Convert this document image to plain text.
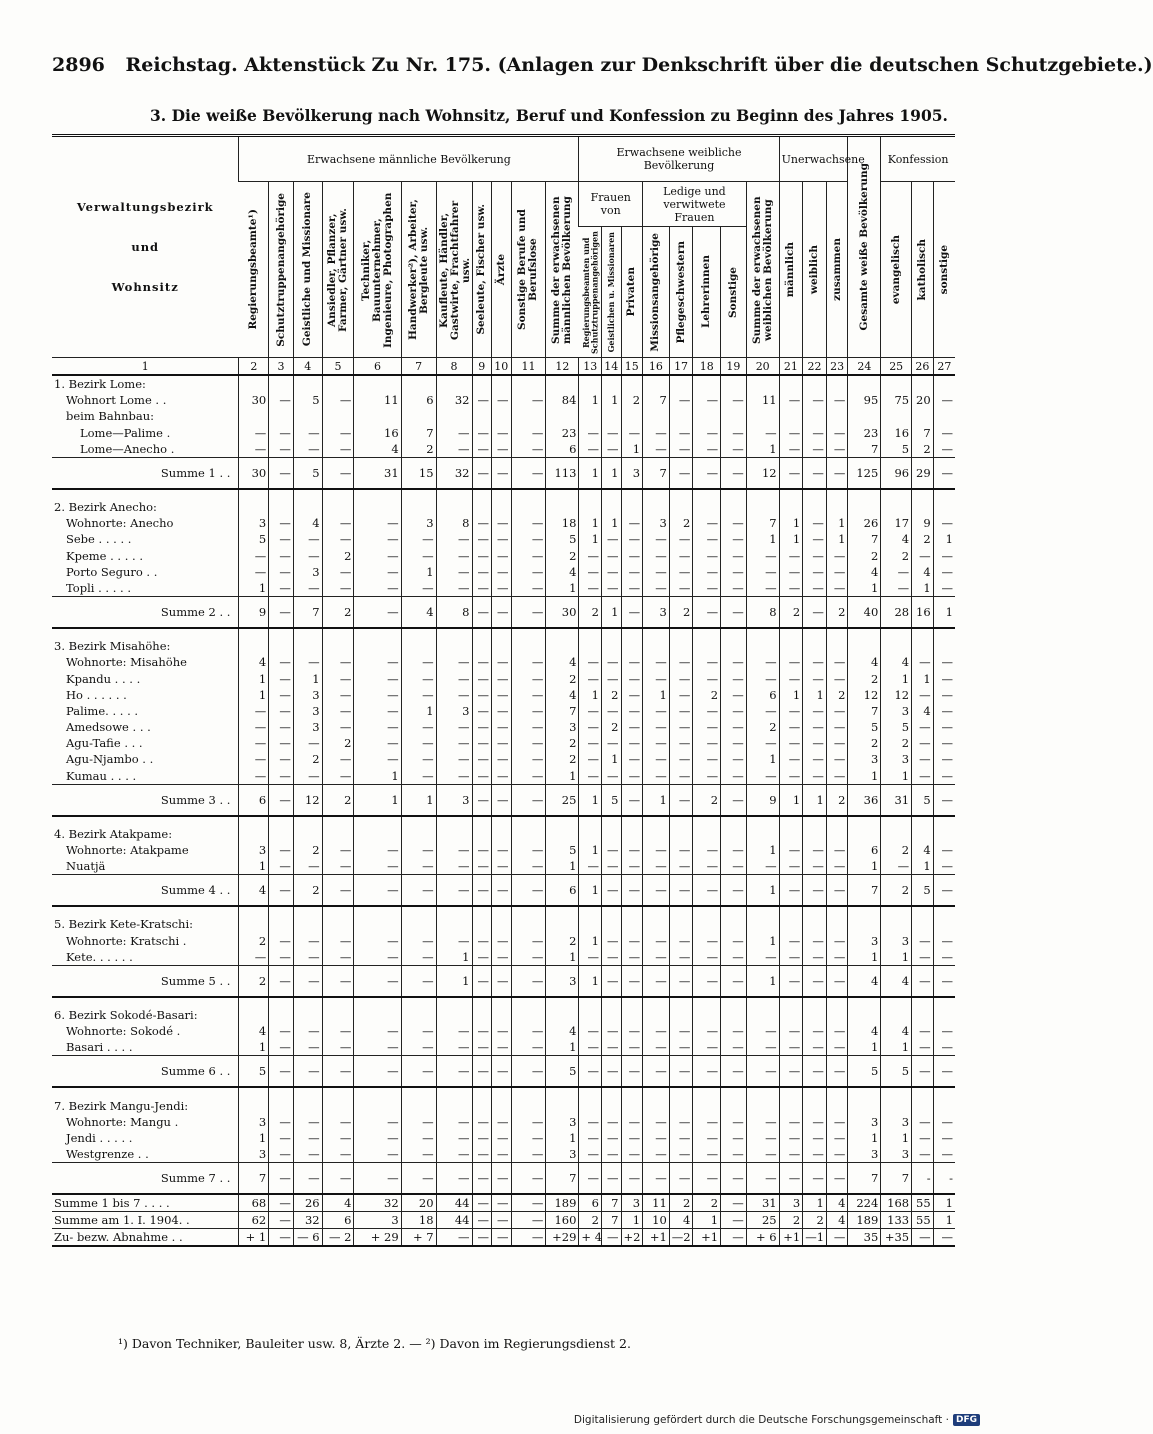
2896 Reichstag. Aktenstück Zu Nr. 175. (Anlagen zur Denkschrift über die deutschen Schutzgebiete.)
3. Die weiße Bevölkerung nach Wohnsitz, Beruf und Konfession zu Beginn des Jahres 1905.
Verwaltungsbezirk
und
Wohnsitz	Erwachsene männliche Bevölkerung											Erwachsene weibliche Bevölkerung								Unerwachsene			Gesamte weiße Bevölkerung	Konfession		

	Regierungsbeamte¹)	Schutztruppenangehörige	Geistliche und Missionare	Ansiedler, Pflanzer, Farmer, Gärtner usw.	Techniker, Bauunternehmer, Ingenieure, Photographen	Handwerker²), Arbeiter, Bergleute usw.	Kaufleute, Händler, Gastwirte, Frachtfahrer usw.	Seeleute, Fischer usw.	Ärzte	Sonstige Berufe und Berufslose	Summe der erwachsenen männlichen Bevölkerung	Frauen von			Ledige und verwitwete Frauen				Summe der erwachsenen weiblichen Bevölkerung	männlich	weiblich	zusammen		evangelisch	katholisch	sonstige

												Regierungsbeamten und Schutztruppenangehörigen	Geistlichen u. Missionaren	Privaten	Missionsangehörige	Pflegeschwestern	Lehrerinnen	Sonstige								

1	2	3	4	5	6	7	8	9	10	11	12	13	14	15	16	17	18	19	20	21	22	23	24	25	26	27
1. Bezirk Lome:																										
Wohnort Lome . .	30	—	5	—	11	6	32	—	—	—	84	1	1	2	7	—	—	—	11	—	—	—	95	75	20	—
beim Bahnbau:																										
Lome—Palime .	—	—	—	—	16	7	—	—	—	—	23	—	—	—	—	—	—	—	—	—	—	—	23	16	7	—
Lome—Anecho .	—	—	—	—	4	2	—	—	—	—	6	—	—	1	—	—	—	—	1	—	—	—	7	5	2	—
Summe 1 . .	30	—	5	—	31	15	32	—	—	—	113	1	1	3	7	—	—	—	12	—	—	—	125	96	29	—

2. Bezirk Anecho:																										
Wohnorte: Anecho	3	—	4	—	—	3	8	—	—	—	18	1	1	—	3	2	—	—	7	1	—	1	26	17	9	—
Sebe . . . . .	5	—	—	—	—	—	—	—	—	—	5	1	—	—	—	—	—	—	1	1	—	1	7	4	2	1
Kpeme . . . . .	—	—	—	2	—	—	—	—	—	—	2	—	—	—	—	—	—	—	—	—	—	—	2	2	—	—
Porto Seguro . .	—	—	3	—	—	1	—	—	—	—	4	—	—	—	—	—	—	—	—	—	—	—	4	—	4	—
Topli . . . . .	1	—	—	—	—	—	—	—	—	—	1	—	—	—	—	—	—	—	—	—	—	—	1	—	1	—
Summe 2 . .	9	—	7	2	—	4	8	—	—	—	30	2	1	—	3	2	—	—	8	2	—	2	40	28	16	1

3. Bezirk Misahöhe:																										
Wohnorte: Misahöhe	4	—	—	—	—	—	—	—	—	—	4	—	—	—	—	—	—	—	—	—	—	—	4	4	—	—
Kpandu . . . .	1	—	1	—	—	—	—	—	—	—	2	—	—	—	—	—	—	—	—	—	—	—	2	1	1	—
Ho . . . . . .	1	—	3	—	—	—	—	—	—	—	4	1	2	—	1	—	2	—	6	1	1	2	12	12	—	—
Palime. . . . .	—	—	3	—	—	1	3	—	—	—	7	—	—	—	—	—	—	—	—	—	—	—	7	3	4	—
Amedsowe . . .	—	—	3	—	—	—	—	—	—	—	3	—	2	—	—	—	—	—	2	—	—	—	5	5	—	—
Agu-Tafie . . .	—	—	—	2	—	—	—	—	—	—	2	—	—	—	—	—	—	—	—	—	—	—	2	2	—	—
Agu-Njambo . .	—	—	2	—	—	—	—	—	—	—	2	—	1	—	—	—	—	—	1	—	—	—	3	3	—	—
Kumau . . . .	—	—	—	—	1	—	—	—	—	—	1	—	—	—	—	—	—	—	—	—	—	—	1	1	—	—
Summe 3 . .	6	—	12	2	1	1	3	—	—	—	25	1	5	—	1	—	2	—	9	1	1	2	36	31	5	—

4. Bezirk Atakpame:																										
Wohnorte: Atakpame	3	—	2	—	—	—	—	—	—	—	5	1	—	—	—	—	—	—	1	—	—	—	6	2	4	—
Nuatjä	1	—	—	—	—	—	—	—	—	—	1	—	—	—	—	—	—	—	—	—	—	—	1	—	1	—
Summe 4 . .	4	—	2	—	—	—	—	—	—	—	6	1	—	—	—	—	—	—	1	—	—	—	7	2	5	—

5. Bezirk Kete-Kratschi:																										
Wohnorte: Kratschi .	2	—	—	—	—	—	—	—	—	—	2	1	—	—	—	—	—	—	1	—	—	—	3	3	—	—
Kete. . . . . .	—	—	—	—	—	—	1	—	—	—	1	—	—	—	—	—	—	—	—	—	—	—	1	1	—	—
Summe 5 . .	2	—	—	—	—	—	1	—	—	—	3	1	—	—	—	—	—	—	1	—	—	—	4	4	—	—

6. Bezirk Sokodé-Basari:																										
Wohnorte: Sokodé .	4	—	—	—	—	—	—	—	—	—	4	—	—	—	—	—	—	—	—	—	—	—	4	4	—	—
Basari . . . .	1	—	—	—	—	—	—	—	—	—	1	—	—	—	—	—	—	—	—	—	—	—	1	1	—	—
Summe 6 . .	5	—	—	—	—	—	—	—	—	—	5	—	—	—	—	—	—	—	—	—	—	—	5	5	—	—

7. Bezirk Mangu-Jendi:																										
Wohnorte: Mangu .	3	—	—	—	—	—	—	—	—	—	3	—	—	—	—	—	—	—	—	—	—	—	3	3	—	—
Jendi . . . . .	1	—	—	—	—	—	—	—	—	—	1	—	—	—	—	—	—	—	—	—	—	—	1	1	—	—
Westgrenze . .	3	—	—	—	—	—	—	—	—	—	3	—	—	—	—	—	—	—	—	—	—	—	3	3	—	—
Summe 7 . .	7	—	—	—	—	—	—	—	—	—	7	—	—	—	—	—	—	—	—	—	—	—	7	7	-	-
Summe 1 bis 7 . . . .	68	—	26	4	32	20	44	—	—	—	189	6	7	3	11	2	2	—	31	3	1	4	224	168	55	1
Summe am 1. I. 1904. .	62	—	32	6	3	18	44	—	—	—	160	2	7	1	10	4	1	—	25	2	2	4	189	133	55	1
Zu- bezw. Abnahme . .	+ 1	—	— 6	— 2	+ 29	+ 7	—	—	—	—	+29	+ 4	—	+2	+1	—2	+1	—	+ 6	+1	—1	—	35	+35	—	—
¹) Davon Techniker, Bauleiter usw. 8, Ärzte 2. — ²) Davon im Regierungsdienst 2.
Digitalisierung gefördert durch die Deutsche Forschungsgemeinschaft · DFG
